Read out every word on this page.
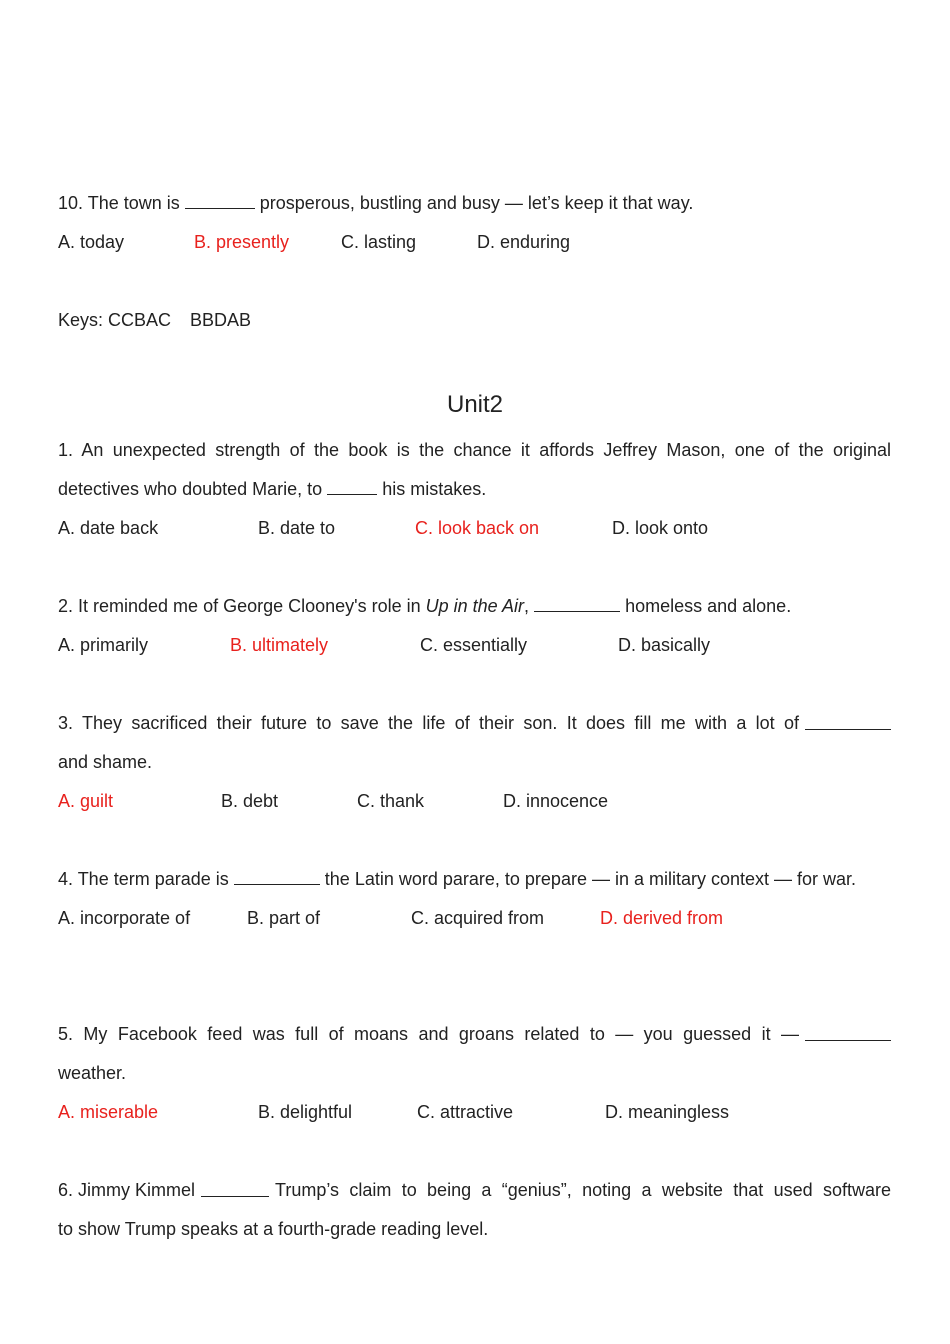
10. The town is	prosperous, bustling and busy — let’s keep it that way.
A. today	B. presently	C. lasting	D. enduring
Keys: CCBAC BBDAB
Unit2
1. An unexpected strength of the book is the chance it affords Jeffrey Mason, one of the original
detectives who doubted Marie, to	his mistakes.
A. date back	B. date to	C. look back on	D. look onto
2. It reminded me of George Clooney's role in Up in the Air,	homeless and alone.
A. primarily	B. ultimately	C. essentially	D. basically
3. They sacrificed their future to save the life of their son. It does fill me with a lot of
and shame.
A. guilt	B. debt	C. thank	D. innocence
4. The term parade is	the Latin word parare, to prepare — in a military context — for war.
A. incorporate of	B. part of	C. acquired from	D. derived from
5. My Facebook feed was full of moans and groans related to — you guessed it —
weather.
A. miserable	B. delightful	C. attractive	D. meaningless
6. Jimmy Kimmel	Trump’s claim to being a “genius”, noting a website that used software
to show Trump speaks at a fourth-grade reading level.
